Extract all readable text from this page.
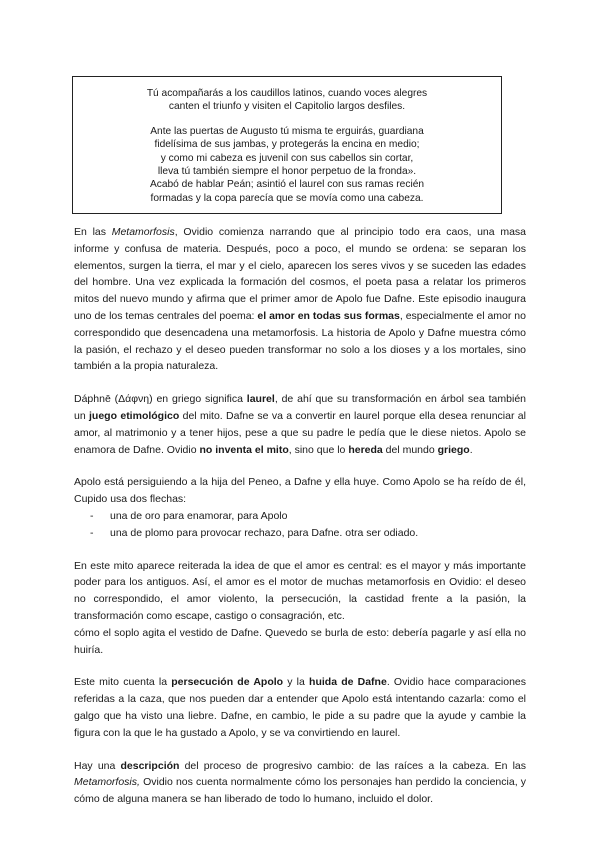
Tú acompañarás a los caudillos latinos, cuando voces alegres
canten el triunfo y visiten el Capitolio largos desfiles.

Ante las puertas de Augusto tú misma te erguirás, guardiana
fidelísima de sus jambas, y protegerás la encina en medio;
y como mi cabeza es juvenil con sus cabellos sin cortar,
lleva tú también siempre el honor perpetuo de la fronda».
Acabó de hablar Peán; asintió el laurel con sus ramas recién
formadas y la copa parecía que se movía como una cabeza.

En las Metamorfosis, Ovidio comienza narrando que al principio todo era caos, una masa informe y confusa de materia. Después, poco a poco, el mundo se ordena: se separan los elementos, surgen la tierra, el mar y el cielo, aparecen los seres vivos y se suceden las edades del hombre. Una vez explicada la formación del cosmos, el poeta pasa a relatar los primeros mitos del nuevo mundo y afirma que el primer amor de Apolo fue Dafne. Este episodio inaugura uno de los temas centrales del poema: el amor en todas sus formas, especialmente el amor no correspondido que desencadena una metamorfosis. La historia de Apolo y Dafne muestra cómo la pasión, el rechazo y el deseo pueden transformar no solo a los dioses y a los mortales, sino también a la propia naturaleza.

Dáphnē (Δάφνη) en griego significa laurel, de ahí que su transformación en árbol sea también un juego etimológico del mito. Dafne se va a convertir en laurel porque ella desea renunciar al amor, al matrimonio y a tener hijos, pese a que su padre le pedía que le diese nietos. Apolo se enamora de Dafne. Ovidio no inventa el mito, sino que lo hereda del mundo griego.

Apolo está persiguiendo a la hija del Peneo, a Dafne y ella huye. Como Apolo se ha reído de él, Cupido usa dos flechas:

- una de oro para enamorar, para Apolo
- una de plomo para provocar rechazo, para Dafne. otra ser odiado.

En este mito aparece reiterada la idea de que el amor es central: es el mayor y más importante poder para los antiguos. Así, el amor es el motor de muchas metamorfosis en Ovidio: el deseo no correspondido, el amor violento, la persecución, la castidad frente a la pasión, la transformación como escape, castigo o consagración, etc.

cómo el soplo agita el vestido de Dafne. Quevedo se burla de esto: debería pagarle y así ella no huiría.

Este mito cuenta la persecución de Apolo y la huida de Dafne. Ovidio hace comparaciones referidas a la caza, que nos pueden dar a entender que Apolo está intentando cazarla: como el galgo que ha visto una liebre. Dafne, en cambio, le pide a su padre que la ayude y cambie la figura con la que le ha gustado a Apolo, y se va convirtiendo en laurel.

Hay una descripción del proceso de progresivo cambio: de las raíces a la cabeza. En las Metamorfosis, Ovidio nos cuenta normalmente cómo los personajes han perdido la conciencia, y cómo de alguna manera se han liberado de todo lo humano, incluido el dolor.
